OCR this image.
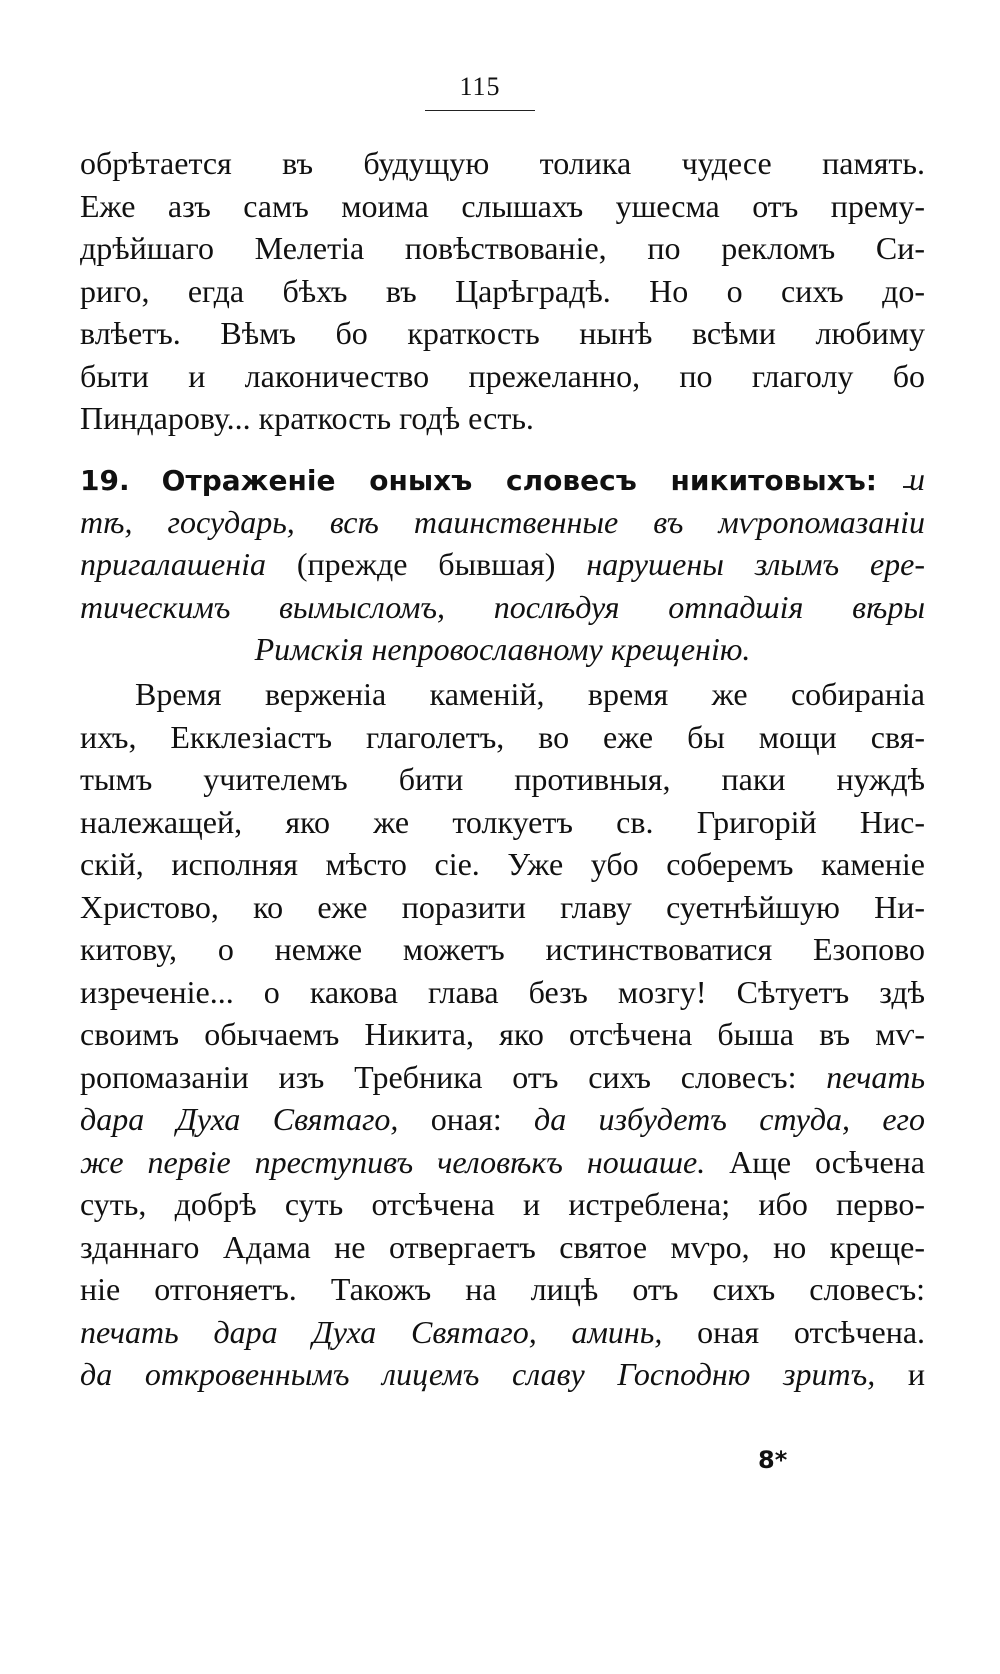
115
обрѣтается въ будущую толика чудесе память.
Еже азъ самъ моима слышахъ ушесма отъ прему-
дрѣйшаго Мелетіа повѣствованіе, по рекломъ Си-
риго, егда бѣхъ въ Царѣградѣ. Но о сихъ до-
влѣетъ. Вѣмъ бо краткость нынѣ всѣми любиму
быти и лаконичество прежеланно, по глаголу бо
Пиндарову... краткость годѣ есть.
19. Отраженіе оныхъ словесъ никитовыхъ: и
тѣ, государь, всѣ таинственные въ мѵропомазаніи
пригалашеніа (прежде бывшая) нарушены злымъ ере-
тическимъ вымысломъ, послѣдуя отпадшія вѣры
Римскія непровославному крещенію.
Время верженіа каменій, время же собираніа
ихъ, Екклезіастъ глаголетъ, во еже бы мощи свя-
тымъ учителемъ бити противныя, паки нуждѣ
належащей, яко же толкуетъ св. Григорій Нис-
скій, исполняя мѣсто сіе. Уже убо соберемъ каменіе
Христово, ко еже поразити главу суетнѣйшую Ни-
китову, о немже можетъ истинствоватися Езопово
изреченіе... о какова глава безъ мозгу! Сѣтуетъ здѣ
своимъ обычаемъ Никита, яко отсѣчена быша въ мѵ-
ропомазаніи изъ Требника отъ сихъ словесъ: печать
дара Духа Святаго, оная: да избудетъ студа, его
же первіе преступивъ человѣкъ ношаше. Аще осѣчена
суть, добрѣ суть отсѣчена и истреблена; ибо перво-
зданнаго Адама не отвергаетъ святое мѵро, но креще-
ніе отгоняетъ. Такожъ на лицѣ отъ сихъ словесъ:
печать дара Духа Святаго, аминь, оная отсѣчена.
да откровеннымъ лицемъ славу Господню зритъ, и
8*
